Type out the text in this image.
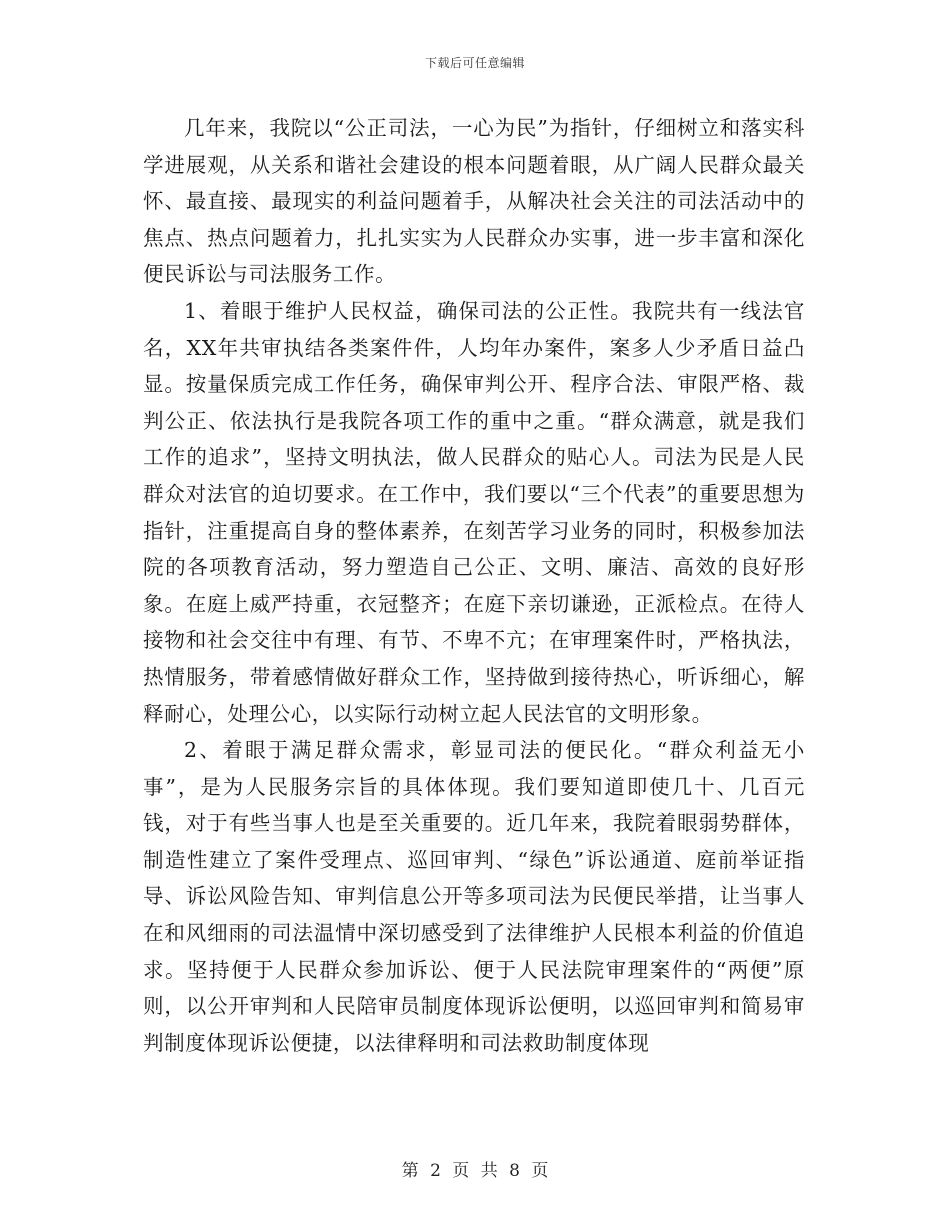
下载后可任意编辑

几年来，我院以“公正司法，一心为民”为指针，仔细树立和落实科学进展观，从关系和谐社会建设的根本问题着眼，从广阔人民群众最关怀、最直接、最现实的利益问题着手，从解决社会关注的司法活动中的焦点、热点问题着力，扎扎实实为人民群众办实事，进一步丰富和深化便民诉讼与司法服务工作。

1、着眼于维护人民权益，确保司法的公正性。我院共有一线法官名，XX年共审执结各类案件件，人均年办案件，案多人少矛盾日益凸显。按量保质完成工作任务，确保审判公开、程序合法、审限严格、裁判公正、依法执行是我院各项工作的重中之重。“群众满意，就是我们工作的追求”，坚持文明执法，做人民群众的贴心人。司法为民是人民群众对法官的迫切要求。在工作中，我们要以“三个代表”的重要思想为指针，注重提高自身的整体素养，在刻苦学习业务的同时，积极参加法院的各项教育活动，努力塑造自己公正、文明、廉洁、高效的良好形象。在庭上威严持重，衣冠整齐；在庭下亲切谦逊，正派检点。在待人接物和社会交往中有理、有节、不卑不亢；在审理案件时，严格执法，热情服务，带着感情做好群众工作，坚持做到接待热心，听诉细心，解释耐心，处理公心，以实际行动树立起人民法官的文明形象。

2、着眼于满足群众需求，彰显司法的便民化。“群众利益无小事”，是为人民服务宗旨的具体体现。我们要知道即使几十、几百元钱，对于有些当事人也是至关重要的。近几年来，我院着眼弱势群体，制造性建立了案件受理点、巡回审判、“绿色”诉讼通道、庭前举证指导、诉讼风险告知、审判信息公开等多项司法为民便民举措，让当事人在和风细雨的司法温情中深切感受到了法律维护人民根本利益的价值追求。坚持便于人民群众参加诉讼、便于人民法院审理案件的“两便”原则，以公开审判和人民陪审员制度体现诉讼便明，以巡回审判和简易审判制度体现诉讼便捷，以法律释明和司法救助制度体现

第 2 页 共 8 页
